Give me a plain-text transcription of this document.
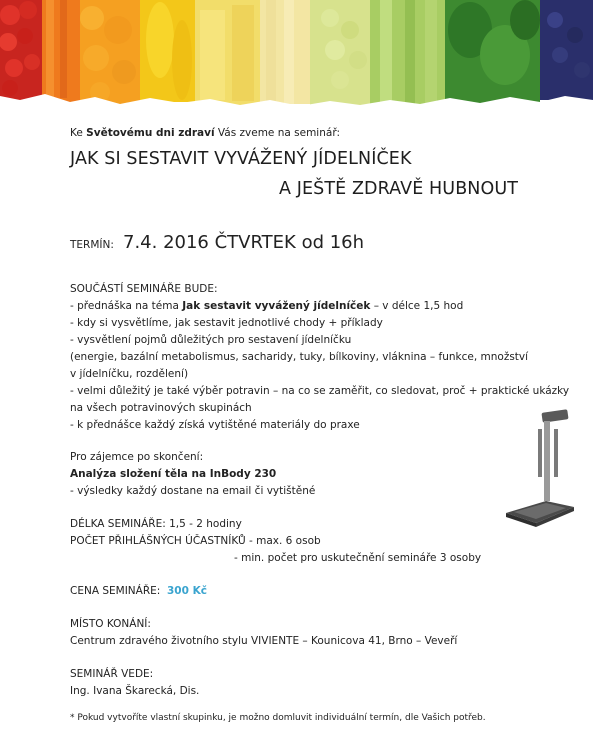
Ke Světovému dni zdraví Vás zveme na seminář:
JAK SI SESTAVIT VYVÁŽENÝ JÍDELNÍČEK
A JEŠTĚ ZDRAVĚ HUBNOUT
TERMÍN: 7.4. 2016 ČTVRTEK od 16h
SOUČÁSTÍ SEMINÁŘE BUDE:
- přednáška na téma Jak sestavit vyvážený jídelníček – v délce 1,5 hod
- kdy si vysvětlíme, jak sestavit jednotlivé chody + příklady
- vysvětlení pojmů důležitých pro sestavení jídelníčku
(energie, bazální metabolismus, sacharidy, tuky, bílkoviny, vláknina – funkce, množství
v jídelníčku, rozdělení)
- velmi důležitý je také výběr potravin – na co se zaměřit, co sledovat, proč + praktické ukázky
na všech potravinových skupinách
- k přednášce každý získá vytištěné materiály do praxe
Pro zájemce po skončení:
Analýza složení těla na InBody 230
- výsledky každý dostane na email či vytištěné
DÉLKA SEMINÁŘE: 1,5 - 2 hodiny
POČET PŘIHLÁŠNÝCH ÚČASTNÍKŮ - max. 6 osob
- min. počet pro uskutečnění semináře 3 osoby
CENA SEMINÁŘE: 300 Kč
MÍSTO KONÁNÍ:
Centrum zdravého životního stylu VIVIENTE – Kounicova 41, Brno – Veveří
SEMINÁŘ VEDE:
Ing. Ivana Škarecká, Dis.
* Pokud vytvoříte vlastní skupinku, je možno domluvit individuální termín, dle Vašich potřeb.
